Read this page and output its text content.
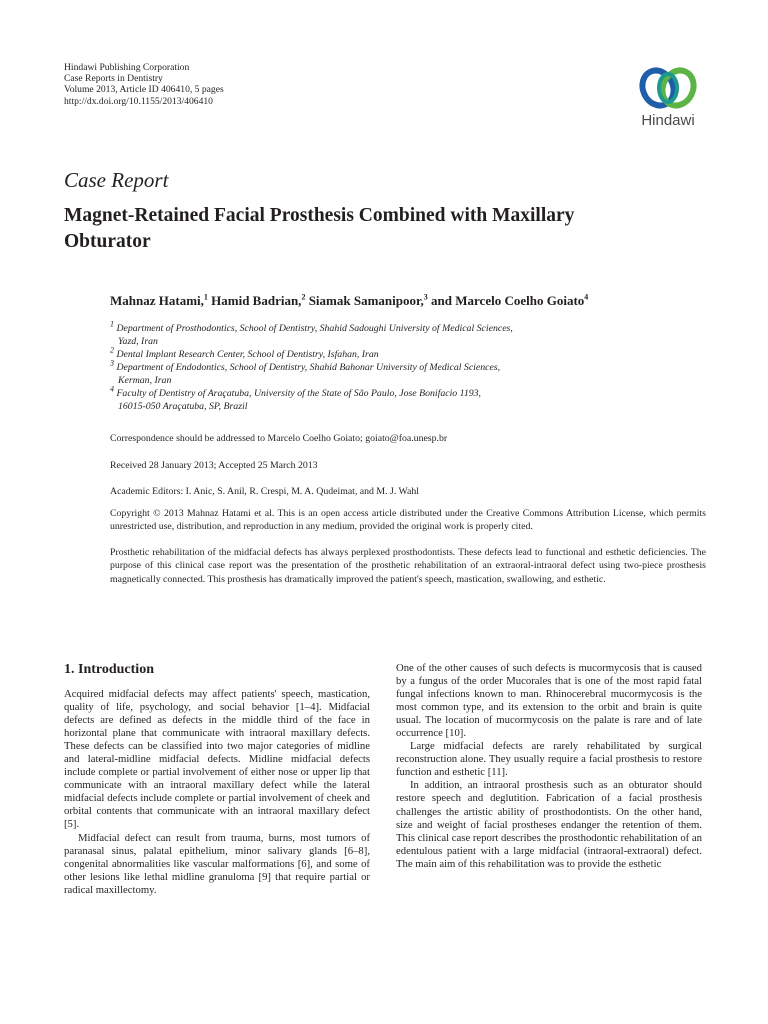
Hindawi Publishing Corporation
Case Reports in Dentistry
Volume 2013, Article ID 406410, 5 pages
http://dx.doi.org/10.1155/2013/406410
Hindawi
Case Report
Magnet-Retained Facial Prosthesis Combined with Maxillary Obturator
Mahnaz Hatami,$^1$ Hamid Badrian,$^2$ Siamak Samanipoor,$^3$ and Marcelo Coelho Goiato$^4$
$^1$ Department of Prosthodontics, School of Dentistry, Shahid Sadoughi University of Medical Sciences,
Yazd, Iran
$^2$ Dental Implant Research Center, School of Dentistry, Isfahan, Iran
$^3$ Department of Endodontics, School of Dentistry, Shahid Bahonar University of Medical Sciences,
Kerman, Iran
$^4$ Faculty of Dentistry of Araçatuba, University of the State of São Paulo, Jose Bonifacio 1193,
16015-050 Araçatuba, SP, Brazil
Correspondence should be addressed to Marcelo Coelho Goiato; goiato@foa.unesp.br
Received 28 January 2013; Accepted 25 March 2013
Academic Editors: I. Anic, S. Anil, R. Crespi, M. A. Qudeimat, and M. J. Wahl
Copyright © 2013 Mahnaz Hatami et al. This is an open access article distributed under the Creative Commons Attribution License, which permits unrestricted use, distribution, and reproduction in any medium, provided the original work is properly cited.
Prosthetic rehabilitation of the midfacial defects has always perplexed prosthodontists. These defects lead to functional and esthetic deficiencies. The purpose of this clinical case report was the presentation of the prosthetic rehabilitation of an extraoral-intraoral defect using two-piece prosthesis magnetically connected. This prosthesis has dramatically improved the patient's speech, mastication, swallowing, and esthetic.
1. Introduction

Acquired midfacial defects may affect patients' speech, mastication, quality of life, psychology, and social behavior [1–4]. Midfacial defects are defined as defects in the middle third of the face in horizontal plane that communicate with intraoral maxillary defects. These defects can be classified into two major categories of midline and lateral-midline midfacial defects. Midline midfacial defects include complete or partial involvement of either nose or upper lip that communicate with an intraoral maxillary defect while the lateral midfacial defects include complete or partial involvement of cheek and orbital contents that communicate with an intraoral maxillary defect [5].

Midfacial defect can result from trauma, burns, most tumors of paranasal sinus, palatal epithelium, minor salivary glands [6–8], congenital abnormalities like vascular malformations [6], and some of other lesions like lethal midline granuloma [9] that require partial or radical maxillectomy.

One of the other causes of such defects is mucormycosis that is caused by a fungus of the order Mucorales that is one of the most rapid fatal fungal infections known to man. Rhinocerebral mucormycosis is the most common type, and its extension to the orbit and brain is quite usual. The location of mucormycosis on the palate is rare and of late occurrence [10].

Large midfacial defects are rarely rehabilitated by surgical reconstruction alone. They usually require a facial prosthesis to restore function and esthetic [11].

In addition, an intraoral prosthesis such as an obturator should restore speech and deglutition. Fabrication of a facial prosthesis challenges the artistic ability of prosthodontists. On the other hand, size and weight of facial prostheses endanger the retention of them. This clinical case report describes the prosthodontic rehabilitation of an edentulous patient with a large midfacial (intraoral-extraoral) defect. The main aim of this rehabilitation was to provide the esthetic
